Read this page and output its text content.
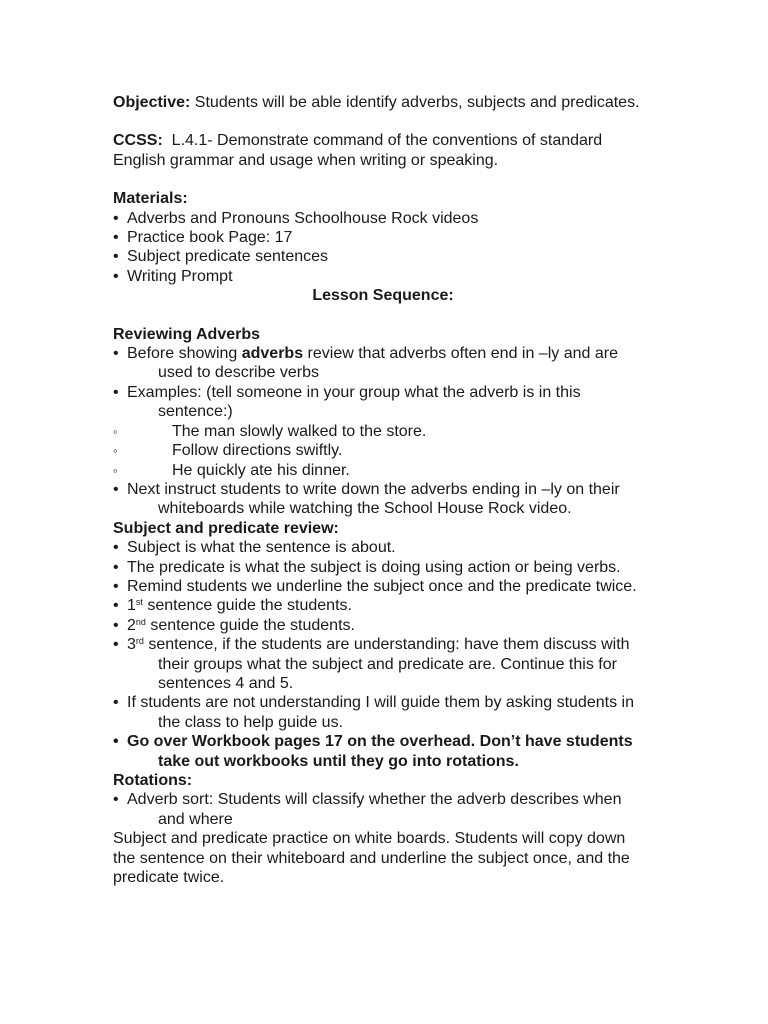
Objective: Students will be able identify adverbs, subjects and predicates.
CCSS:  L.4.1- Demonstrate command of the conventions of standard
English grammar and usage when writing or speaking.
Materials:
• Adverbs and Pronouns Schoolhouse Rock videos
• Practice book Page: 17
• Subject predicate sentences
• Writing Prompt
Lesson Sequence:
Reviewing Adverbs
• Before showing adverbs review that adverbs often end in –ly and are
used to describe verbs
• Examples: (tell someone in your group what the adverb is in this
sentence:)
◦	The man slowly walked to the store.
◦	Follow directions swiftly.
◦	He quickly ate his dinner.
• Next instruct students to write down the adverbs ending in –ly on their
whiteboards while watching the School House Rock video.
Subject and predicate review:
• Subject is what the sentence is about.
• The predicate is what the subject is doing using action or being verbs.
• Remind students we underline the subject once and the predicate twice.
• 1st sentence guide the students.
• 2nd sentence guide the students.
• 3rd sentence, if the students are understanding: have them discuss with
their groups what the subject and predicate are. Continue this for
sentences 4 and 5.
• If students are not understanding I will guide them by asking students in
the class to help guide us.
• Go over Workbook pages 17 on the overhead. Don’t have students
take out workbooks until they go into rotations.
Rotations:
• Adverb sort: Students will classify whether the adverb describes when
and where
Subject and predicate practice on white boards. Students will copy down
the sentence on their whiteboard and underline the subject once, and the
predicate twice.
